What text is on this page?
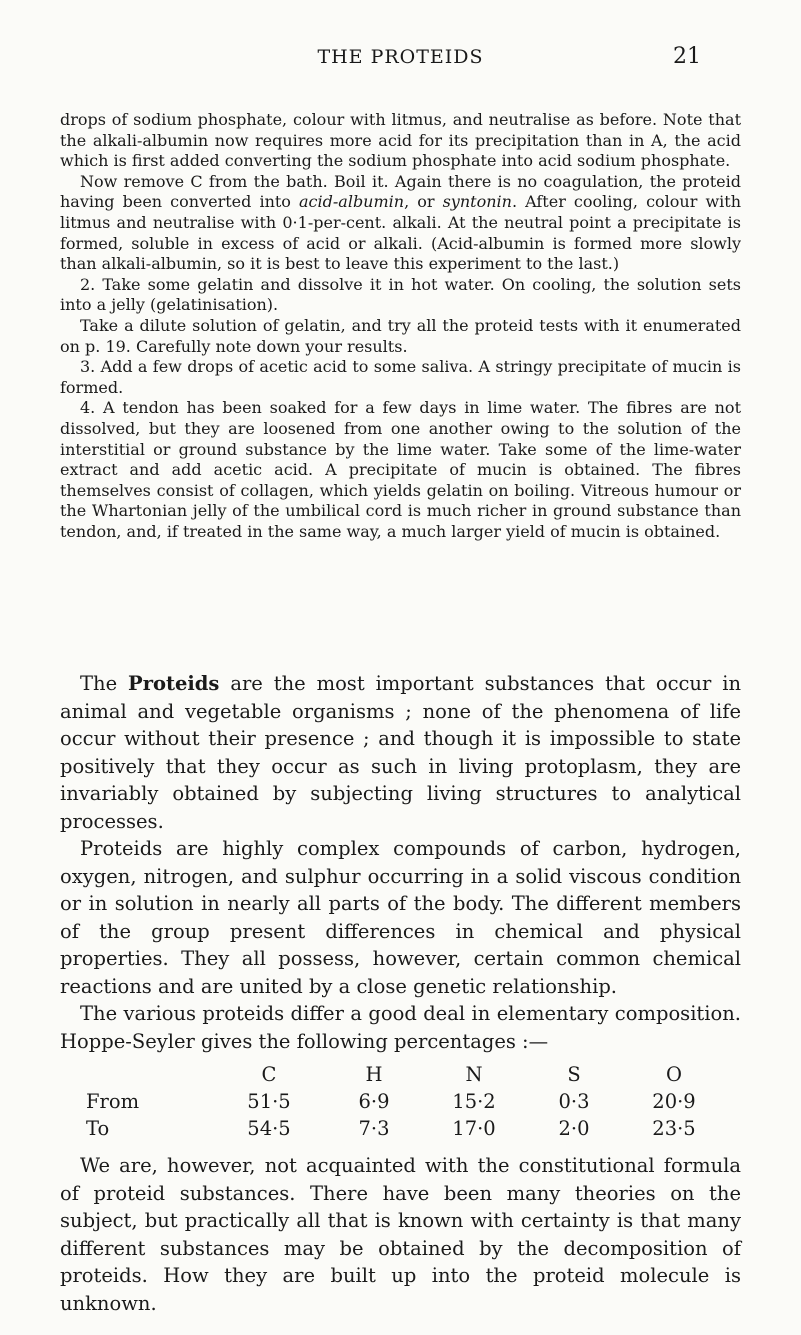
THE PROTEIDS	21

drops of sodium phosphate, colour with litmus, and neutralise as before. Note that the alkali-albumin now requires more acid for its precipitation than in A, the acid which is first added converting the sodium phosphate into acid sodium phosphate.

Now remove C from the bath. Boil it. Again there is no coagulation, the proteid having been converted into acid-albumin, or syntonin. After cooling, colour with litmus and neutralise with 0·1-per-cent. alkali. At the neutral point a precipitate is formed, soluble in excess of acid or alkali. (Acid-albumin is formed more slowly than alkali-albumin, so it is best to leave this experiment to the last.)

2. Take some gelatin and dissolve it in hot water. On cooling, the solution sets into a jelly (gelatinisation).

Take a dilute solution of gelatin, and try all the proteid tests with it enumerated on p. 19. Carefully note down your results.

3. Add a few drops of acetic acid to some saliva. A stringy precipitate of mucin is formed.

4. A tendon has been soaked for a few days in lime water. The fibres are not dissolved, but they are loosened from one another owing to the solution of the interstitial or ground substance by the lime water. Take some of the lime-water extract and add acetic acid. A precipitate of mucin is obtained. The fibres themselves consist of collagen, which yields gelatin on boiling. Vitreous humour or the Whartonian jelly of the umbilical cord is much richer in ground substance than tendon, and, if treated in the same way, a much larger yield of mucin is obtained.

The Proteids are the most important substances that occur in animal and vegetable organisms ; none of the phenomena of life occur without their presence ; and though it is impossible to state positively that they occur as such in living protoplasm, they are invariably obtained by subjecting living structures to analytical processes.

Proteids are highly complex compounds of carbon, hydrogen, oxygen, nitrogen, and sulphur occurring in a solid viscous condition or in solution in nearly all parts of the body. The different members of the group present differences in chemical and physical properties. They all possess, however, certain common chemical reactions and are united by a close genetic relationship.

The various proteids differ a good deal in elementary composition. Hoppe-Seyler gives the following percentages :—

	C	H	N	S	O
From	51·5	6·9	15·2	0·3	20·9
To	54·5	7·3	17·0	2·0	23·5

We are, however, not acquainted with the constitutional formula of proteid substances. There have been many theories on the subject, but practically all that is known with certainty is that many different substances may be obtained by the decomposition of proteids. How they are built up into the proteid molecule is unknown.
